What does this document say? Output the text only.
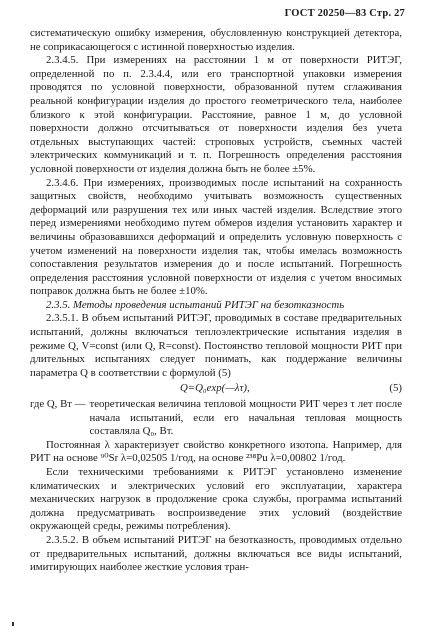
ГОСТ 20250—83 Стр. 27

систематическую ошибку измерения, обусловленную конструкцией детектора, не соприкасающегося с истинной поверхностью изделия.

2.3.4.5. При измерениях на расстоянии 1 м от поверхности РИТЭГ, определенной по п. 2.3.4.4, или его транспортной упаковки измерения проводятся по условной поверхности, образованной путем сглаживания реальной конфигурации изделия до простого геометрического тела, наиболее близкого к этой конфигурации. Расстояние, равное 1 м, до условной поверхности должно отсчитываться от поверхности изделия без учета отдельных выступающих частей: строповых устройств, съемных частей электрических коммуникаций и т. п. Погрешность определения расстояния условной поверхности от изделия должна быть не более ±5%.

2.3.4.6. При измерениях, производимых после испытаний на сохранность защитных свойств, необходимо учитывать возможность существенных деформаций или разрушения тех или иных частей изделия. Вследствие этого перед измерениями необходимо путем обмеров изделия установить характер и величины образовавшихся деформаций и определить условную поверхность с учетом изменений на поверхности изделия так, чтобы имелась возможность сопоставления результатов измерения до и после испытаний. Погрешность определения расстояния условной поверхности от изделия с учетом вносимых поправок должна быть не более ±10%.

2.3.5. Методы проведения испытаний РИТЭГ на безотказность

2.3.5.1. В объем испытаний РИТЭГ, проводимых в составе предварительных испытаний, должны включаться теплоэлектрические испытания изделия в режиме Q, V=const (или Q, R=const). Постоянство тепловой мощности РИТ при длительных испытаниях следует понимать, как поддержание величины параметра Q в соответствии с формулой (5)

Q=Q₀exp(—λτ),	(5)
где Q, Вт — теоретическая величина тепловой мощности РИТ через τ лет после начала испытаний, если его начальная тепловая мощность составляла Q₀, Вт.

Постоянная λ характеризует свойство конкретного изотопа. Например, для РИТ на основе ⁹⁰Sr λ=0,02505 1/год, на основе ²³⁸Pu λ=0,00802 1/год.

Если техническими требованиями к РИТЭГ установлено изменение климатических и электрических условий его эксплуатации, характера механических нагрузок в продолжение срока службы, программа испытаний должна предусматривать воспроизведение этих условий (воздействие окружающей среды, режимы потребления).

2.3.5.2. В объем испытаний РИТЭГ на безотказность, проводимых отдельно от предварительных испытаний, должны включаться все виды испытаний, имитирующих наиболее жесткие условия тран-
